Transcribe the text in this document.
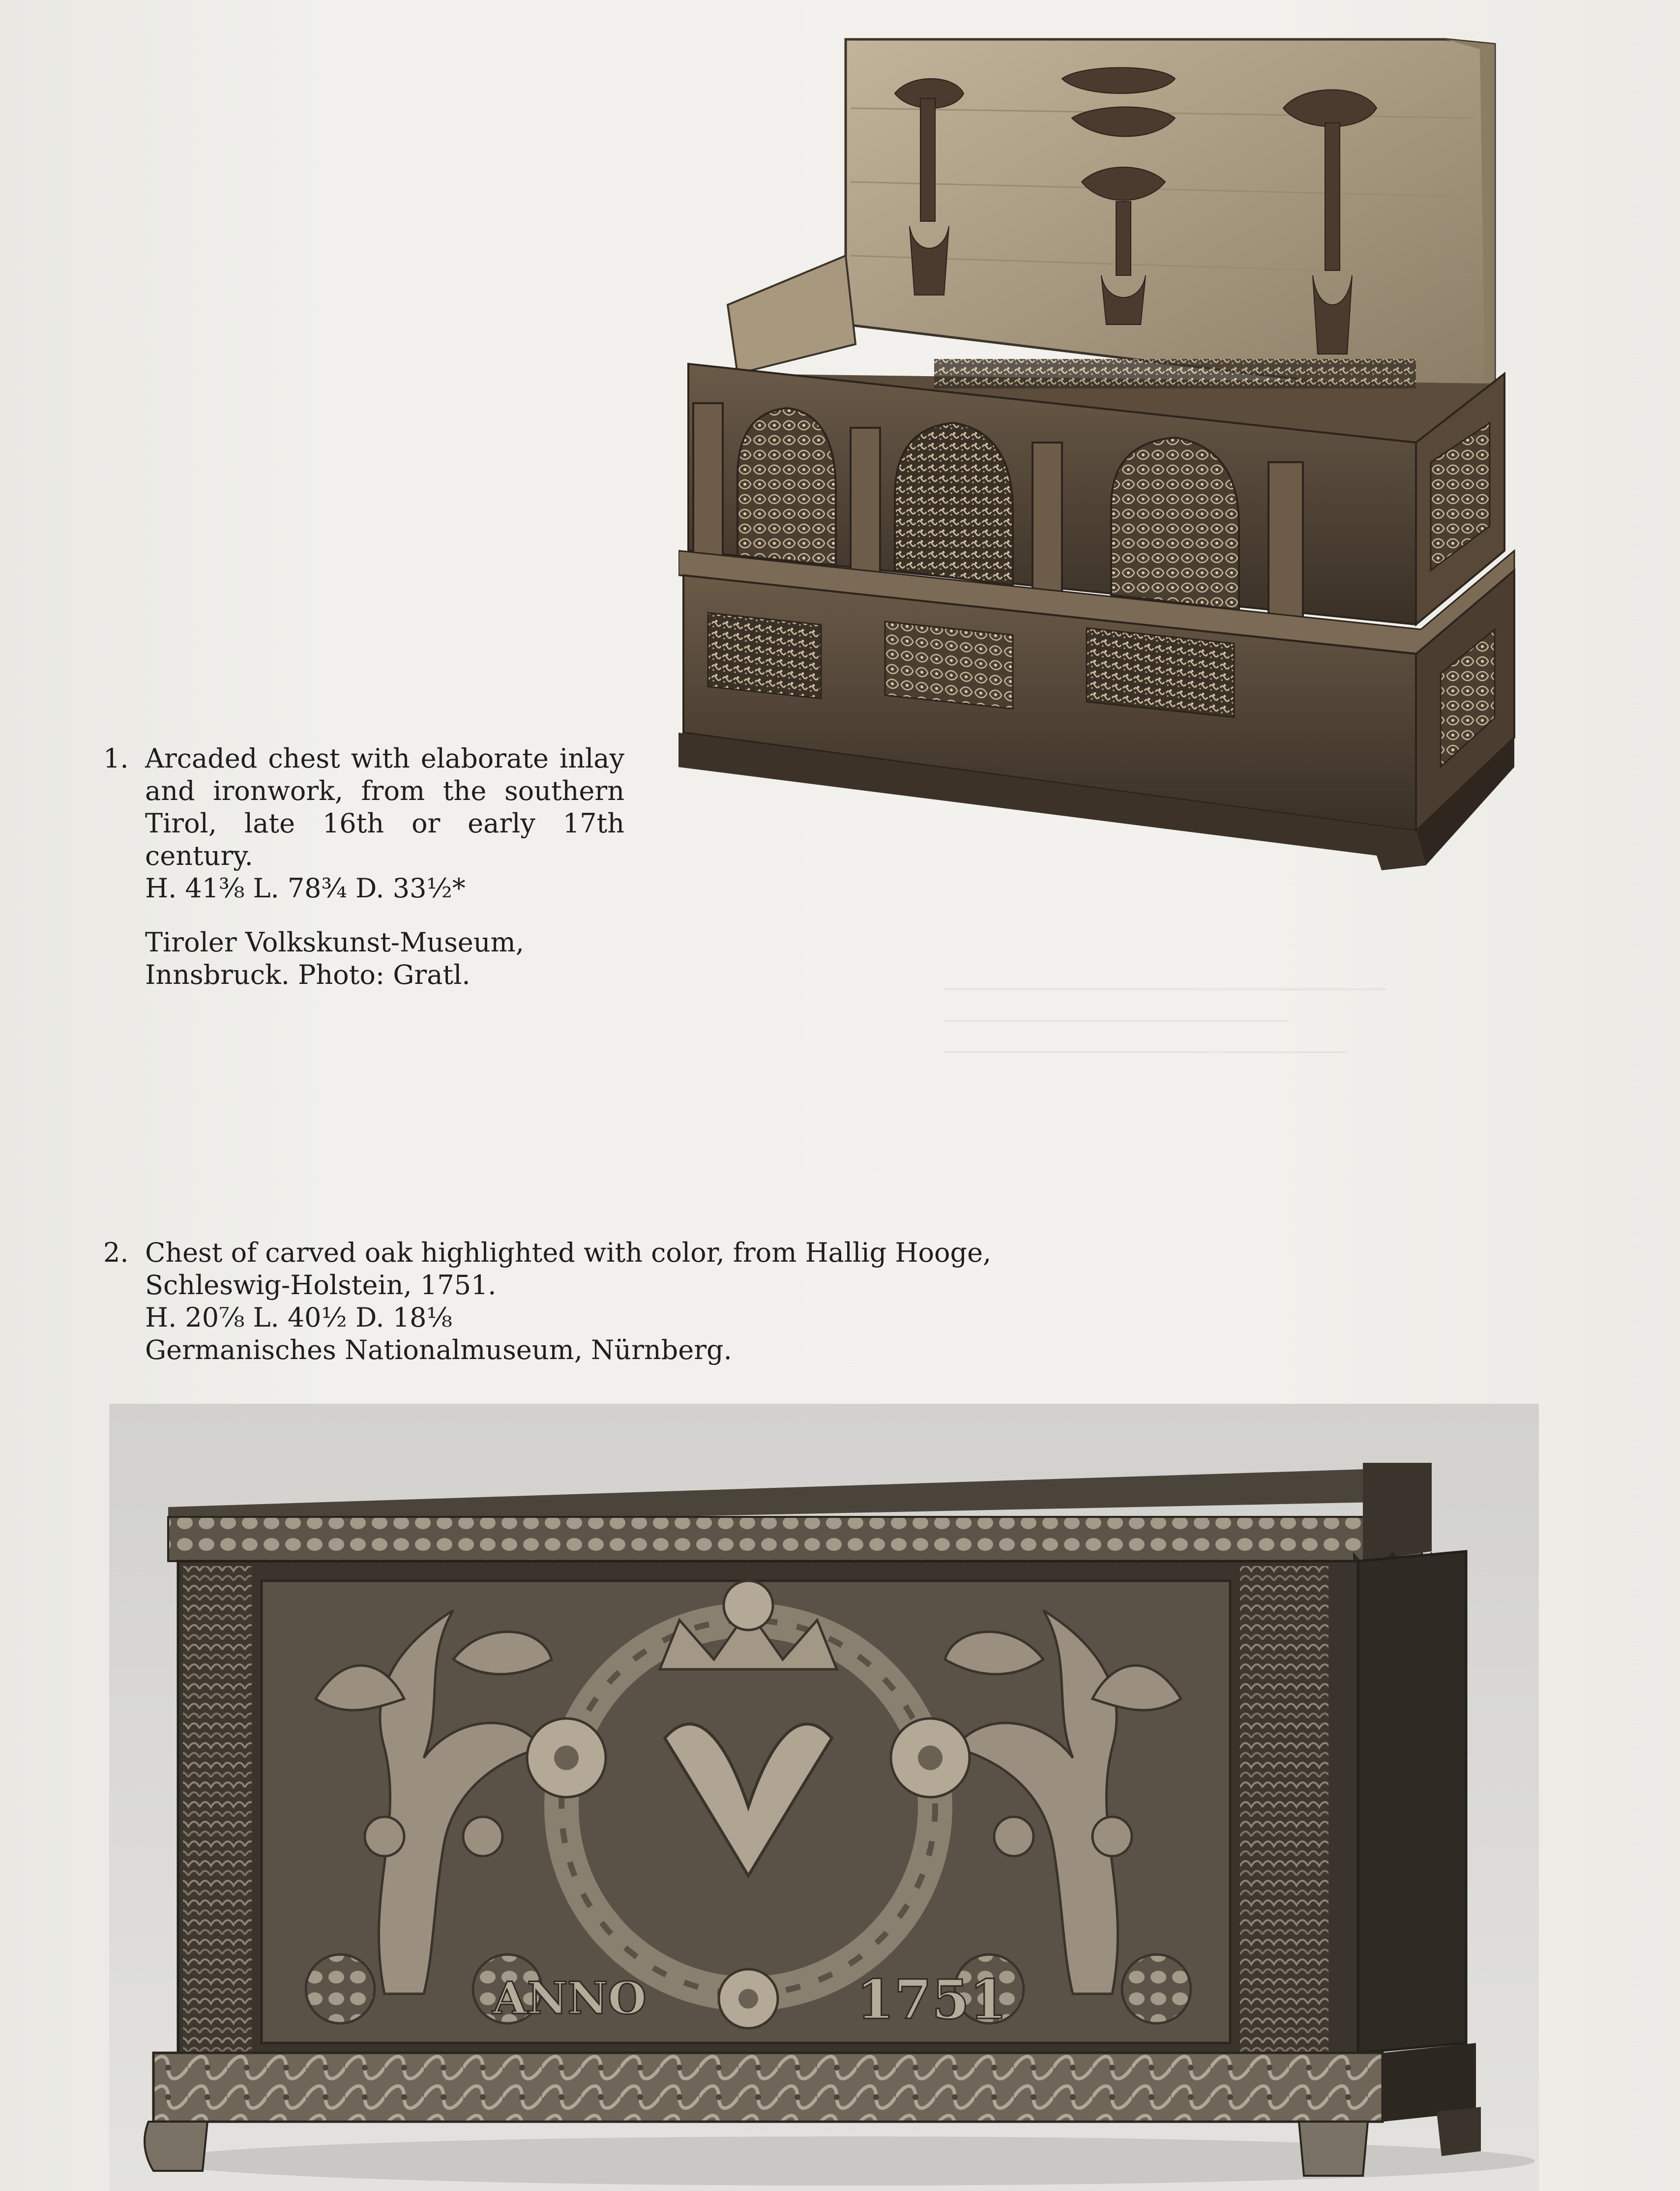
1. Arcaded chest with elaborate inlay and ironwork, from the southern Tirol, late 16th or early 17th century.
H. 41⅜ L. 78¾ D. 33½*
Tiroler Volkskunst-Museum, Innsbruck. Photo: Gratl.
2. Chest of carved oak highlighted with color, from Hallig Hooge, Schleswig-Holstein, 1751.
H. 20⅞ L. 40½ D. 18⅛
Germanisches Nationalmuseum, Nürnberg.
ANNO	1751
